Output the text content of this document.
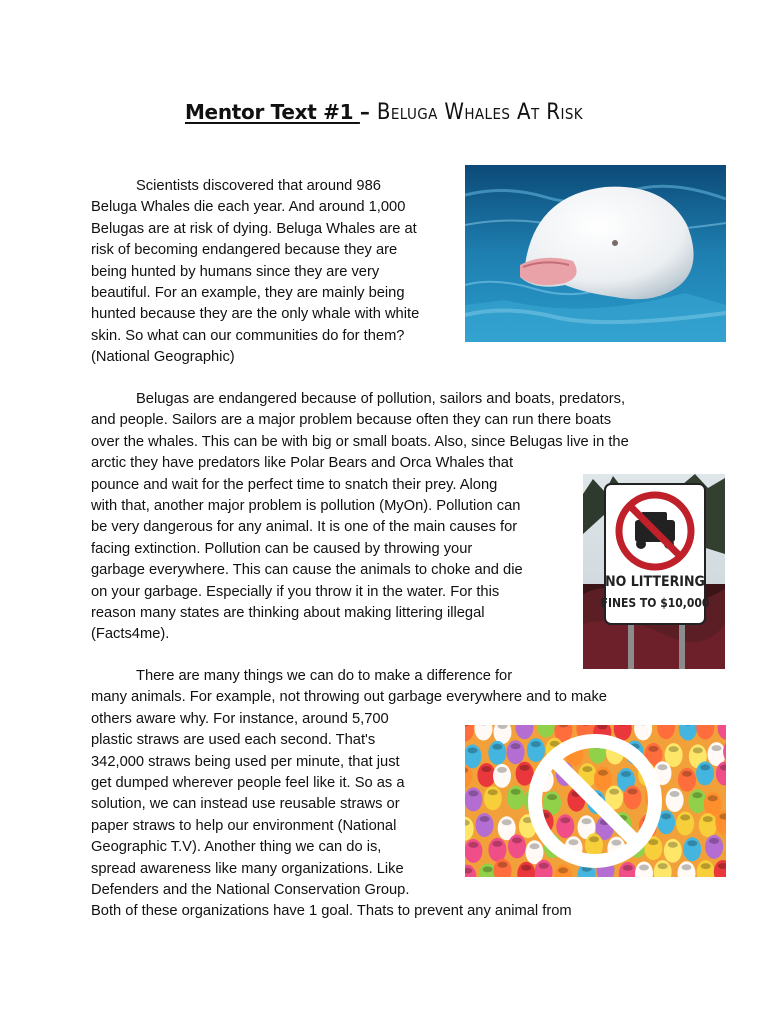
Mentor Text #1 – Beluga Whales At Risk
Scientists discovered that around 986
Beluga Whales die each year. And around 1,000
Belugas are at risk of dying. Beluga Whales are at
risk of becoming endangered because they are
being hunted by humans since they are very
beautiful. For an example, they are mainly being
hunted because they are the only whale with white
skin. So what can our communities do for them?
(National Geographic)
Belugas are endangered because of pollution, sailors and boats, predators,
and people. Sailors are a major problem because often they can run there boats
over the whales. This can be with big or small boats. Also, since Belugas live in the
arctic they have predators like Polar Bears and Orca Whales that
pounce and wait for the perfect time to snatch their prey. Along
with that, another major problem is pollution (MyOn). Pollution can
be very dangerous for any animal. It is one of the main causes for
facing extinction. Pollution can be caused by throwing your
garbage everywhere. This can cause the animals to choke and die
on your garbage. Especially if you throw it in the water. For this
reason many states are thinking about making littering illegal
(Facts4me).
NO LITTERING
FINES TO $10,000
There are many things we can do to make a difference for
many animals. For example, not throwing out garbage everywhere and to make
others aware why. For instance, around 5,700
plastic straws are used each second. That's
342,000 straws being used per minute, that just
get dumped wherever people feel like it. So as a
solution, we can instead use reusable straws or
paper straws to help our environment (National
Geographic T.V). Another thing we can do is,
spread awareness like many organizations. Like
Defenders and the National Conservation Group.
Both of these organizations have 1 goal. Thats to prevent any animal from
